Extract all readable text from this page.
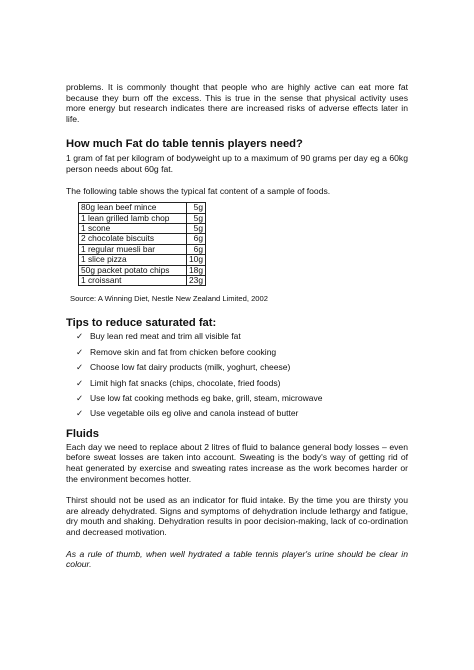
problems. It is commonly thought that people who are highly active can eat more fat because they burn off the excess. This is true in the sense that physical activity uses more energy but research indicates there are increased risks of adverse effects later in life.

How much Fat do table tennis players need?

1 gram of fat per kilogram of bodyweight up to a maximum of 90 grams per day eg a 60kg person needs about 60g fat.

The following table shows the typical fat content of a sample of foods.

80g lean beef mince	5g
1 lean grilled lamb chop	5g
1 scone	5g
2 chocolate biscuits	6g
1 regular muesli bar	6g
1 slice pizza	10g
50g packet potato chips	18g
1 croissant	23g

Source: A Winning Diet, Nestle New Zealand Limited, 2002

Tips to reduce saturated fat:

✓ Buy lean red meat and trim all visible fat
✓ Remove skin and fat from chicken before cooking
✓ Choose low fat dairy products (milk, yoghurt, cheese)
✓ Limit high fat snacks (chips, chocolate, fried foods)
✓ Use low fat cooking methods eg bake, grill, steam, microwave
✓ Use vegetable oils eg olive and canola instead of butter

Fluids

Each day we need to replace about 2 litres of fluid to balance general body losses – even before sweat losses are taken into account. Sweating is the body's way of getting rid of heat generated by exercise and sweating rates increase as the work becomes harder or the environment becomes hotter.

Thirst should not be used as an indicator for fluid intake. By the time you are thirsty you are already dehydrated. Signs and symptoms of dehydration include lethargy and fatigue, dry mouth and shaking. Dehydration results in poor decision-making, lack of co-ordination and decreased motivation.

As a rule of thumb, when well hydrated a table tennis player's urine should be clear in colour.
